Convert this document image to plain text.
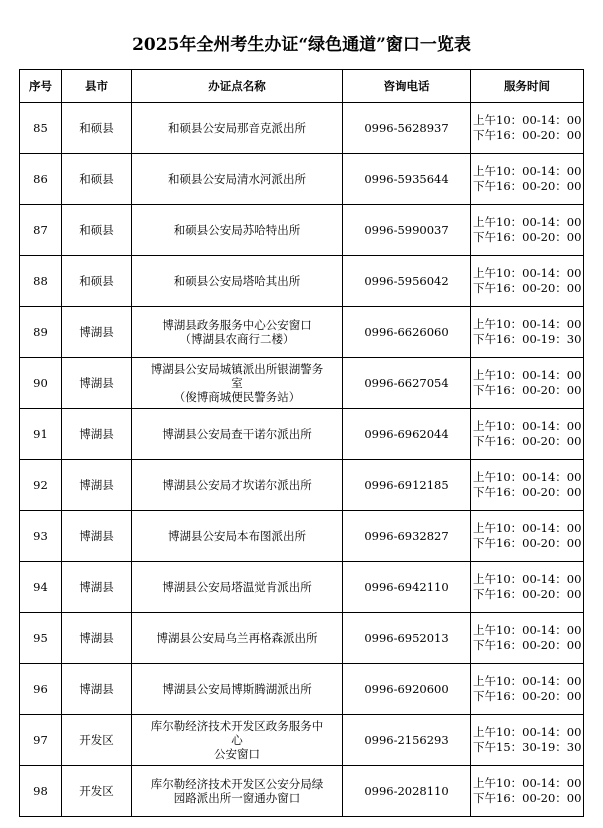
2025年全州考生办证“绿色通道”窗口一览表
序号	县市	办证点名称	咨询电话	服务时间
85	和硕县	和硕县公安局那音克派出所	0996-5628937	上午10：00-14：00
下午16：00-20：00

86	和硕县	和硕县公安局清水河派出所	0996-5935644	上午10：00-14：00
下午16：00-20：00

87	和硕县	和硕县公安局苏哈特出所	0996-5990037	上午10：00-14：00
下午16：00-20：00

88	和硕县	和硕县公安局塔哈其出所	0996-5956042	上午10：00-14：00
下午16：00-20：00

89	博湖县	博湖县政务服务中心公安窗口
（博湖县农商行二楼）	0996-6626060	上午10：00-14：00
下午16：00-19：30

90	博湖县	博湖县公安局城镇派出所银湖警务
室
（俊博商城便民警务站）	0996-6627054	上午10：00-14：00
下午16：00-20：00

91	博湖县	博湖县公安局查干诺尔派出所	0996-6962044	上午10：00-14：00
下午16：00-20：00

92	博湖县	博湖县公安局才坎诺尔派出所	0996-6912185	上午10：00-14：00
下午16：00-20：00

93	博湖县	博湖县公安局本布图派出所	0996-6932827	上午10：00-14：00
下午16：00-20：00

94	博湖县	博湖县公安局塔温觉肯派出所	0996-6942110	上午10：00-14：00
下午16：00-20：00

95	博湖县	博湖县公安局乌兰再格森派出所	0996-6952013	上午10：00-14：00
下午16：00-20：00

96	博湖县	博湖县公安局博斯腾湖派出所	0996-6920600	上午10：00-14：00
下午16：00-20：00

97	开发区	库尔勒经济技术开发区政务服务中
心
公安窗口	0996-2156293	上午10：00-14：00
下午15：30-19：30

98	开发区	库尔勒经济技术开发区公安分局绿
园路派出所一窗通办窗口	0996-2028110	上午10：00-14：00
下午16：00-20：00
